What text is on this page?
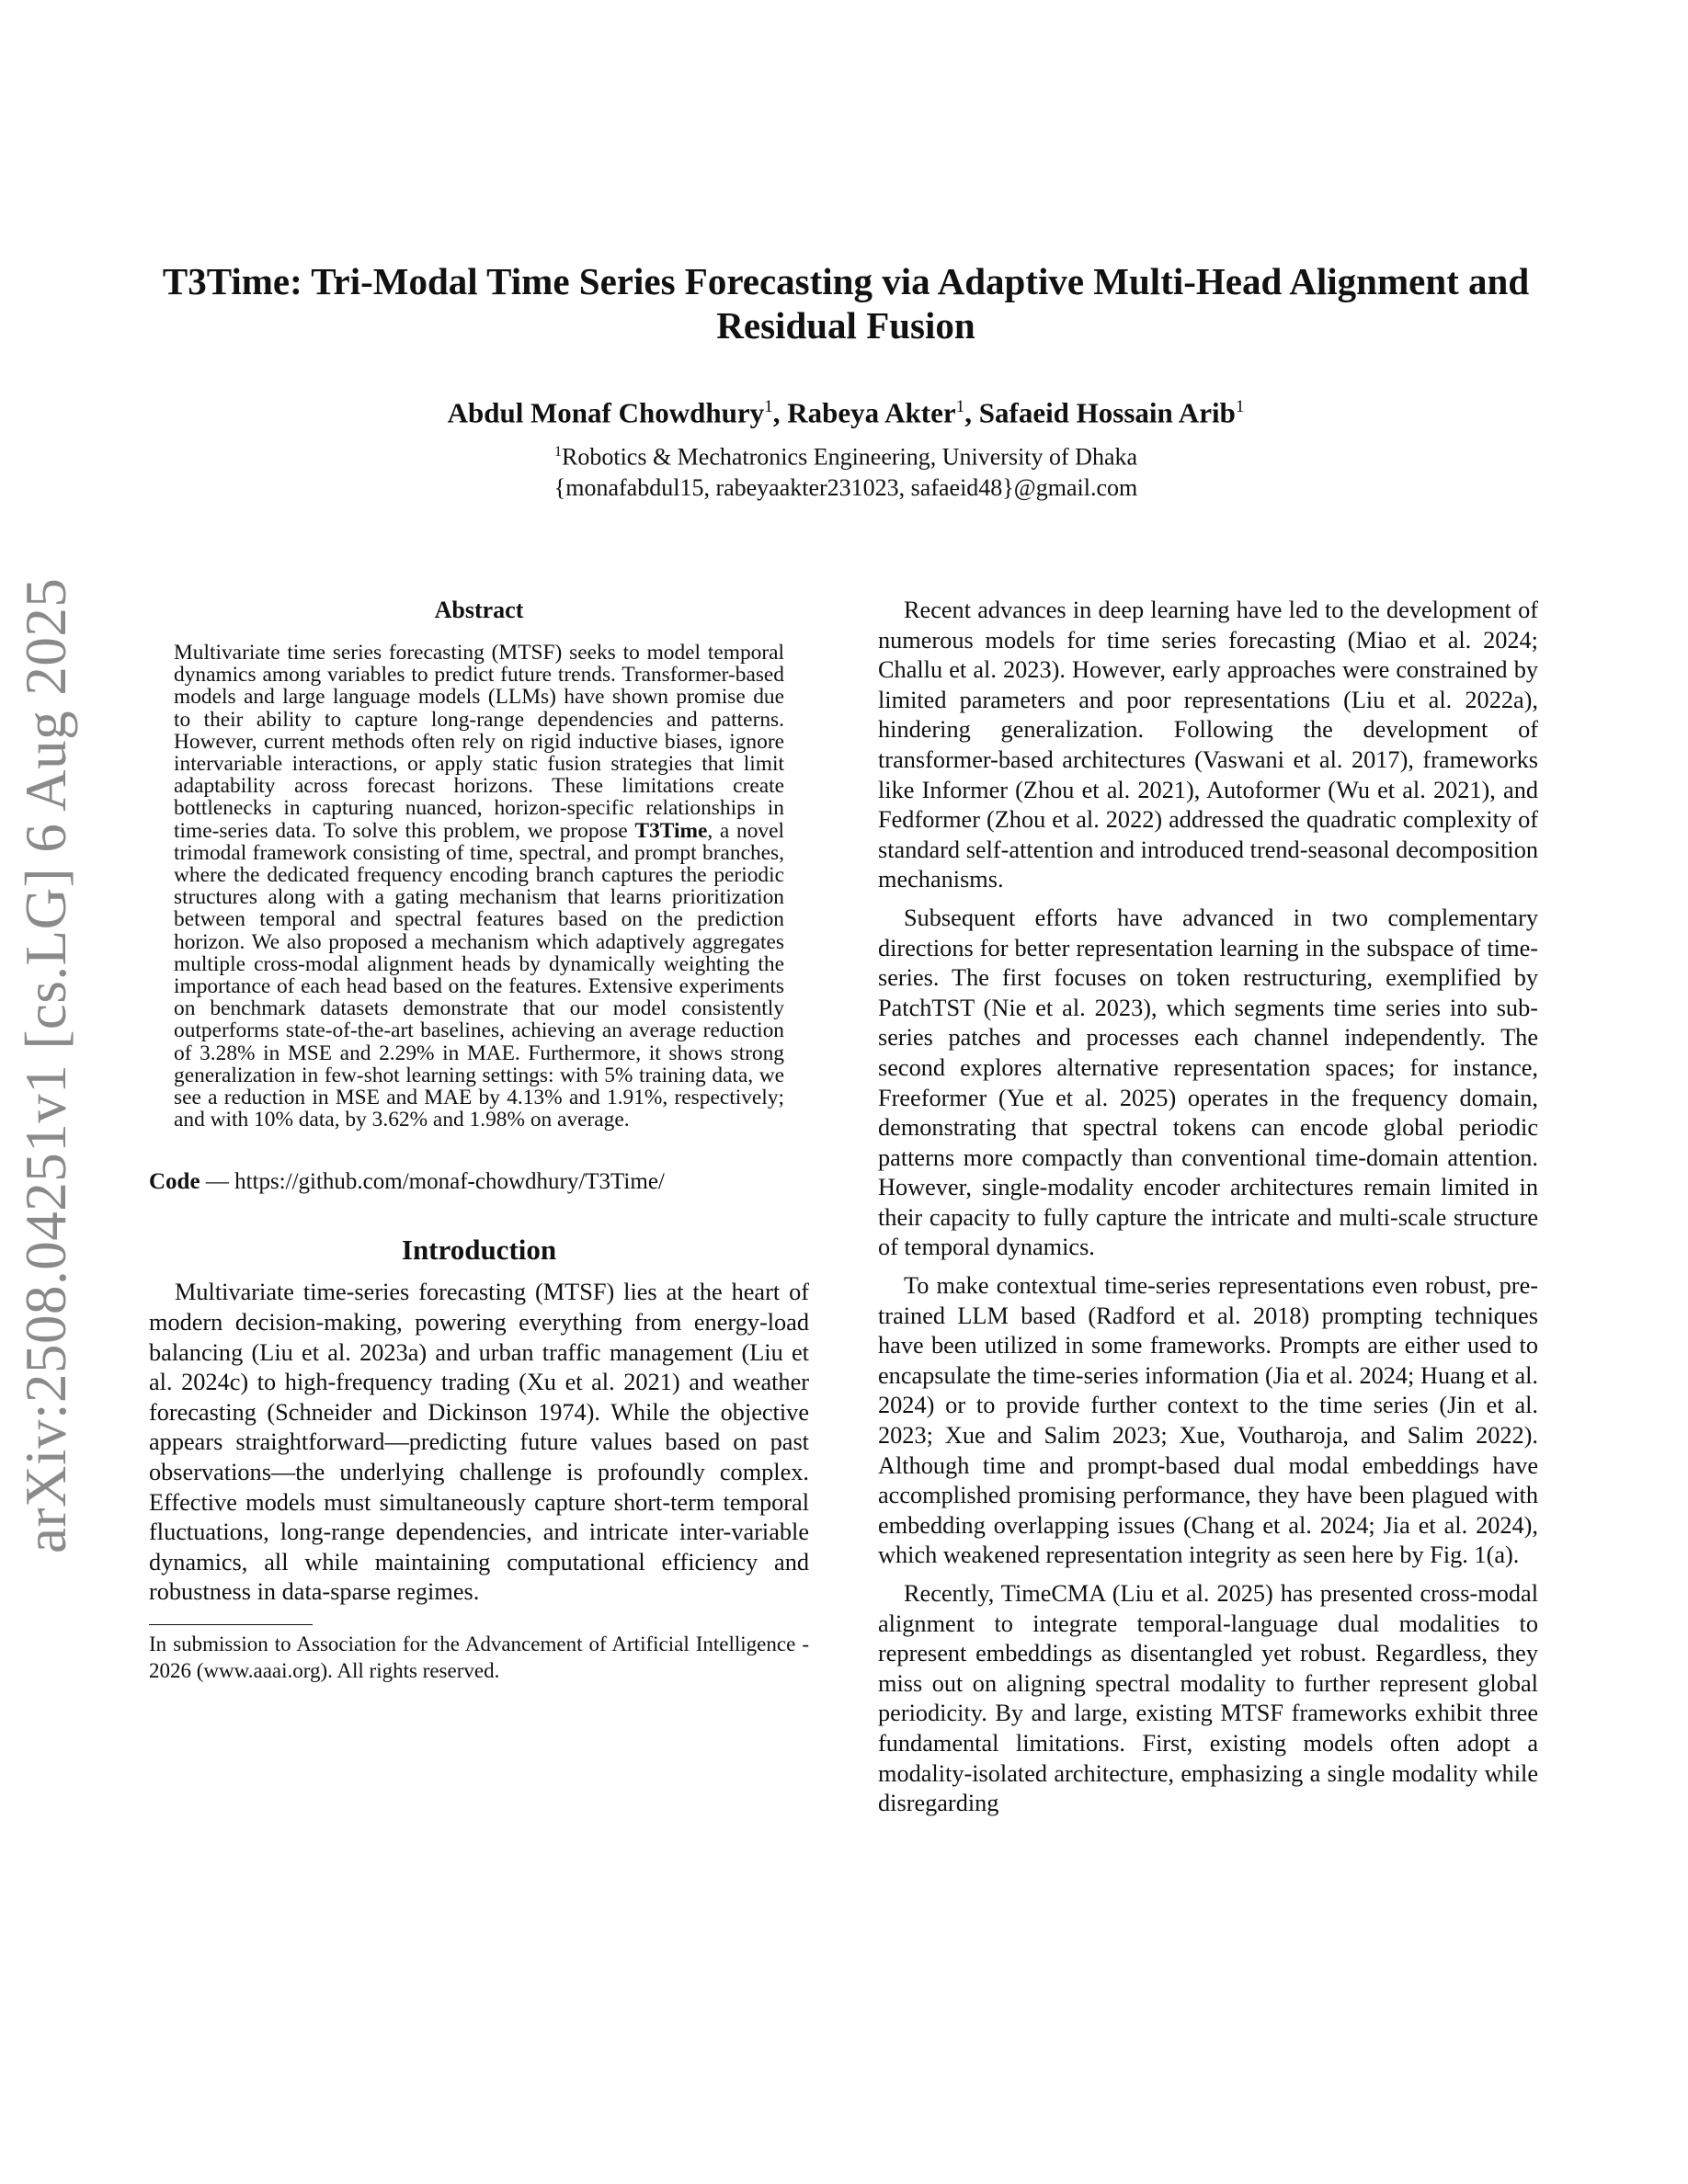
arXiv:2508.04251v1 [cs.LG] 6 Aug 2025
T3Time: Tri-Modal Time Series Forecasting via Adaptive Multi-Head Alignment and Residual Fusion
Abdul Monaf Chowdhury$^1$, Rabeya Akter$^1$, Safaeid Hossain Arib$^1$
$^1$Robotics & Mechatronics Engineering, University of Dhaka
{monafabdul15, rabeyaakter231023, safaeid48}@gmail.com
Abstract

Multivariate time series forecasting (MTSF) seeks to model temporal dynamics among variables to predict future trends. Transformer-based models and large language models (LLMs) have shown promise due to their ability to capture long-range dependencies and patterns. However, current methods often rely on rigid inductive biases, ignore intervariable interactions, or apply static fusion strategies that limit adaptability across forecast horizons. These limitations create bottlenecks in capturing nuanced, horizon-specific relationships in time-series data. To solve this problem, we propose T3Time, a novel trimodal framework consisting of time, spectral, and prompt branches, where the dedicated frequency encoding branch captures the periodic structures along with a gating mechanism that learns prioritization between temporal and spectral features based on the prediction horizon. We also proposed a mechanism which adaptively aggregates multiple cross-modal alignment heads by dynamically weighting the importance of each head based on the features. Extensive experiments on benchmark datasets demonstrate that our model consistently outperforms state-of-the-art baselines, achieving an average reduction of 3.28% in MSE and 2.29% in MAE. Furthermore, it shows strong generalization in few-shot learning settings: with 5% training data, we see a reduction in MSE and MAE by 4.13% and 1.91%, respectively; and with 10% data, by 3.62% and 1.98% on average.

Code — https://github.com/monaf-chowdhury/T3Time/
Introduction

Multivariate time-series forecasting (MTSF) lies at the heart of modern decision-making, powering everything from energy-load balancing (Liu et al. 2023a) and urban traffic management (Liu et al. 2024c) to high-frequency trading (Xu et al. 2021) and weather forecasting (Schneider and Dickinson 1974). While the objective appears straightforward—predicting future values based on past observations—the underlying challenge is profoundly complex. Effective models must simultaneously capture short-term temporal fluctuations, long-range dependencies, and intricate inter-variable dynamics, all while maintaining computational efficiency and robustness in data-sparse regimes.

In submission to Association for the Advancement of Artificial Intelligence - 2026 (www.aaai.org). All rights reserved.

Recent advances in deep learning have led to the development of numerous models for time series forecasting (Miao et al. 2024; Challu et al. 2023). However, early approaches were constrained by limited parameters and poor representations (Liu et al. 2022a), hindering generalization. Following the development of transformer-based architectures (Vaswani et al. 2017), frameworks like Informer (Zhou et al. 2021), Autoformer (Wu et al. 2021), and Fedformer (Zhou et al. 2022) addressed the quadratic complexity of standard self-attention and introduced trend-seasonal decomposition mechanisms.

Subsequent efforts have advanced in two complementary directions for better representation learning in the subspace of time-series. The first focuses on token restructuring, exemplified by PatchTST (Nie et al. 2023), which segments time series into sub-series patches and processes each channel independently. The second explores alternative representation spaces; for instance, Freeformer (Yue et al. 2025) operates in the frequency domain, demonstrating that spectral tokens can encode global periodic patterns more compactly than conventional time-domain attention. However, single-modality encoder architectures remain limited in their capacity to fully capture the intricate and multi-scale structure of temporal dynamics.

To make contextual time-series representations even robust, pre-trained LLM based (Radford et al. 2018) prompting techniques have been utilized in some frameworks. Prompts are either used to encapsulate the time-series information (Jia et al. 2024; Huang et al. 2024) or to provide further context to the time series (Jin et al. 2023; Xue and Salim 2023; Xue, Voutharoja, and Salim 2022). Although time and prompt-based dual modal embeddings have accomplished promising performance, they have been plagued with embedding overlapping issues (Chang et al. 2024; Jia et al. 2024), which weakened representation integrity as seen here by Fig. 1(a).

Recently, TimeCMA (Liu et al. 2025) has presented cross-modal alignment to integrate temporal-language dual modalities to represent embeddings as disentangled yet robust. Regardless, they miss out on aligning spectral modality to further represent global periodicity. By and large, existing MTSF frameworks exhibit three fundamental limitations. First, existing models often adopt a modality-isolated architecture, emphasizing a single modality while disregarding
